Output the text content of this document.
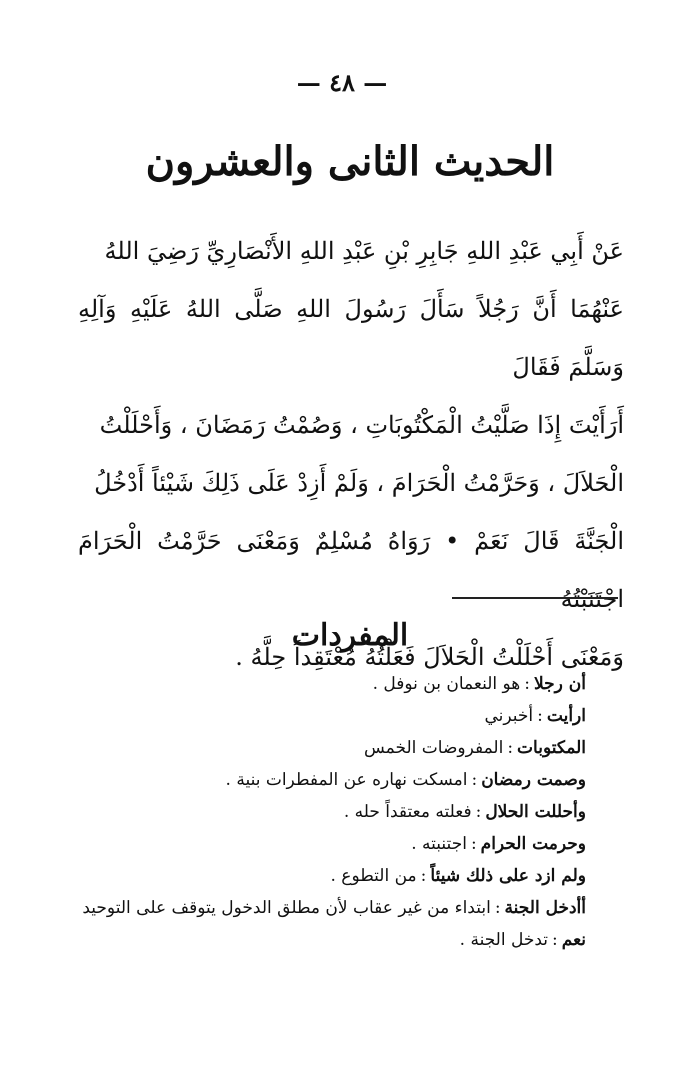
— ٤٨ —
الحديث الثانى والعشرون

عَنْ أَبِي عَبْدِ اللهِ جَابِرِ بْنِ عَبْدِ اللهِ الأَنْصَارِيِّ رَضِيَ اللهُ

عَنْهُمَا أَنَّ رَجُلاً سَأَلَ رَسُولَ اللهِ صَلَّى اللهُ عَلَيْهِ وَآلِهِ وَسَلَّمَ فَقَالَ

أَرَأَيْتَ إِذَا صَلَّيْتُ الْمَكْتُوبَاتِ ، وَصُمْتُ رَمَضَانَ ، وَأَحْلَلْتُ

الْحَلاَلَ ، وَحَرَّمْتُ الْحَرَامَ ، وَلَمْ أَزِدْ عَلَى ذَلِكَ شَيْئاً أَدْخُلُ

الْجَنَّةَ قَالَ نَعَمْ • رَوَاهُ مُسْلِمٌ وَمَعْنَى حَرَّمْتُ الْحَرَامَ اجْتَنَبْتُهُ

وَمَعْنَى أَحْلَلْتُ الْحَلاَلَ فَعَلْتُهُ مُعْتَقِداً حِلَّهُ .

المفردات
أن رجلا:هو النعمان بن نوفل .
ارأيت:أخبرني
المكتوبات:المفروضات الخمس
وصمت رمضان:امسكت نهاره عن المفطرات بنية .
وأحللت الحلال:فعلته معتقداً حله .
وحرمت الحرام:اجتنبته .
ولم ازد على ذلك شيئاً:من التطوع .
أأدخل الجنة:ابتداء من غير عقاب لأن مطلق الدخول يتوقف على التوحيد
نعم:تدخل الجنة .
